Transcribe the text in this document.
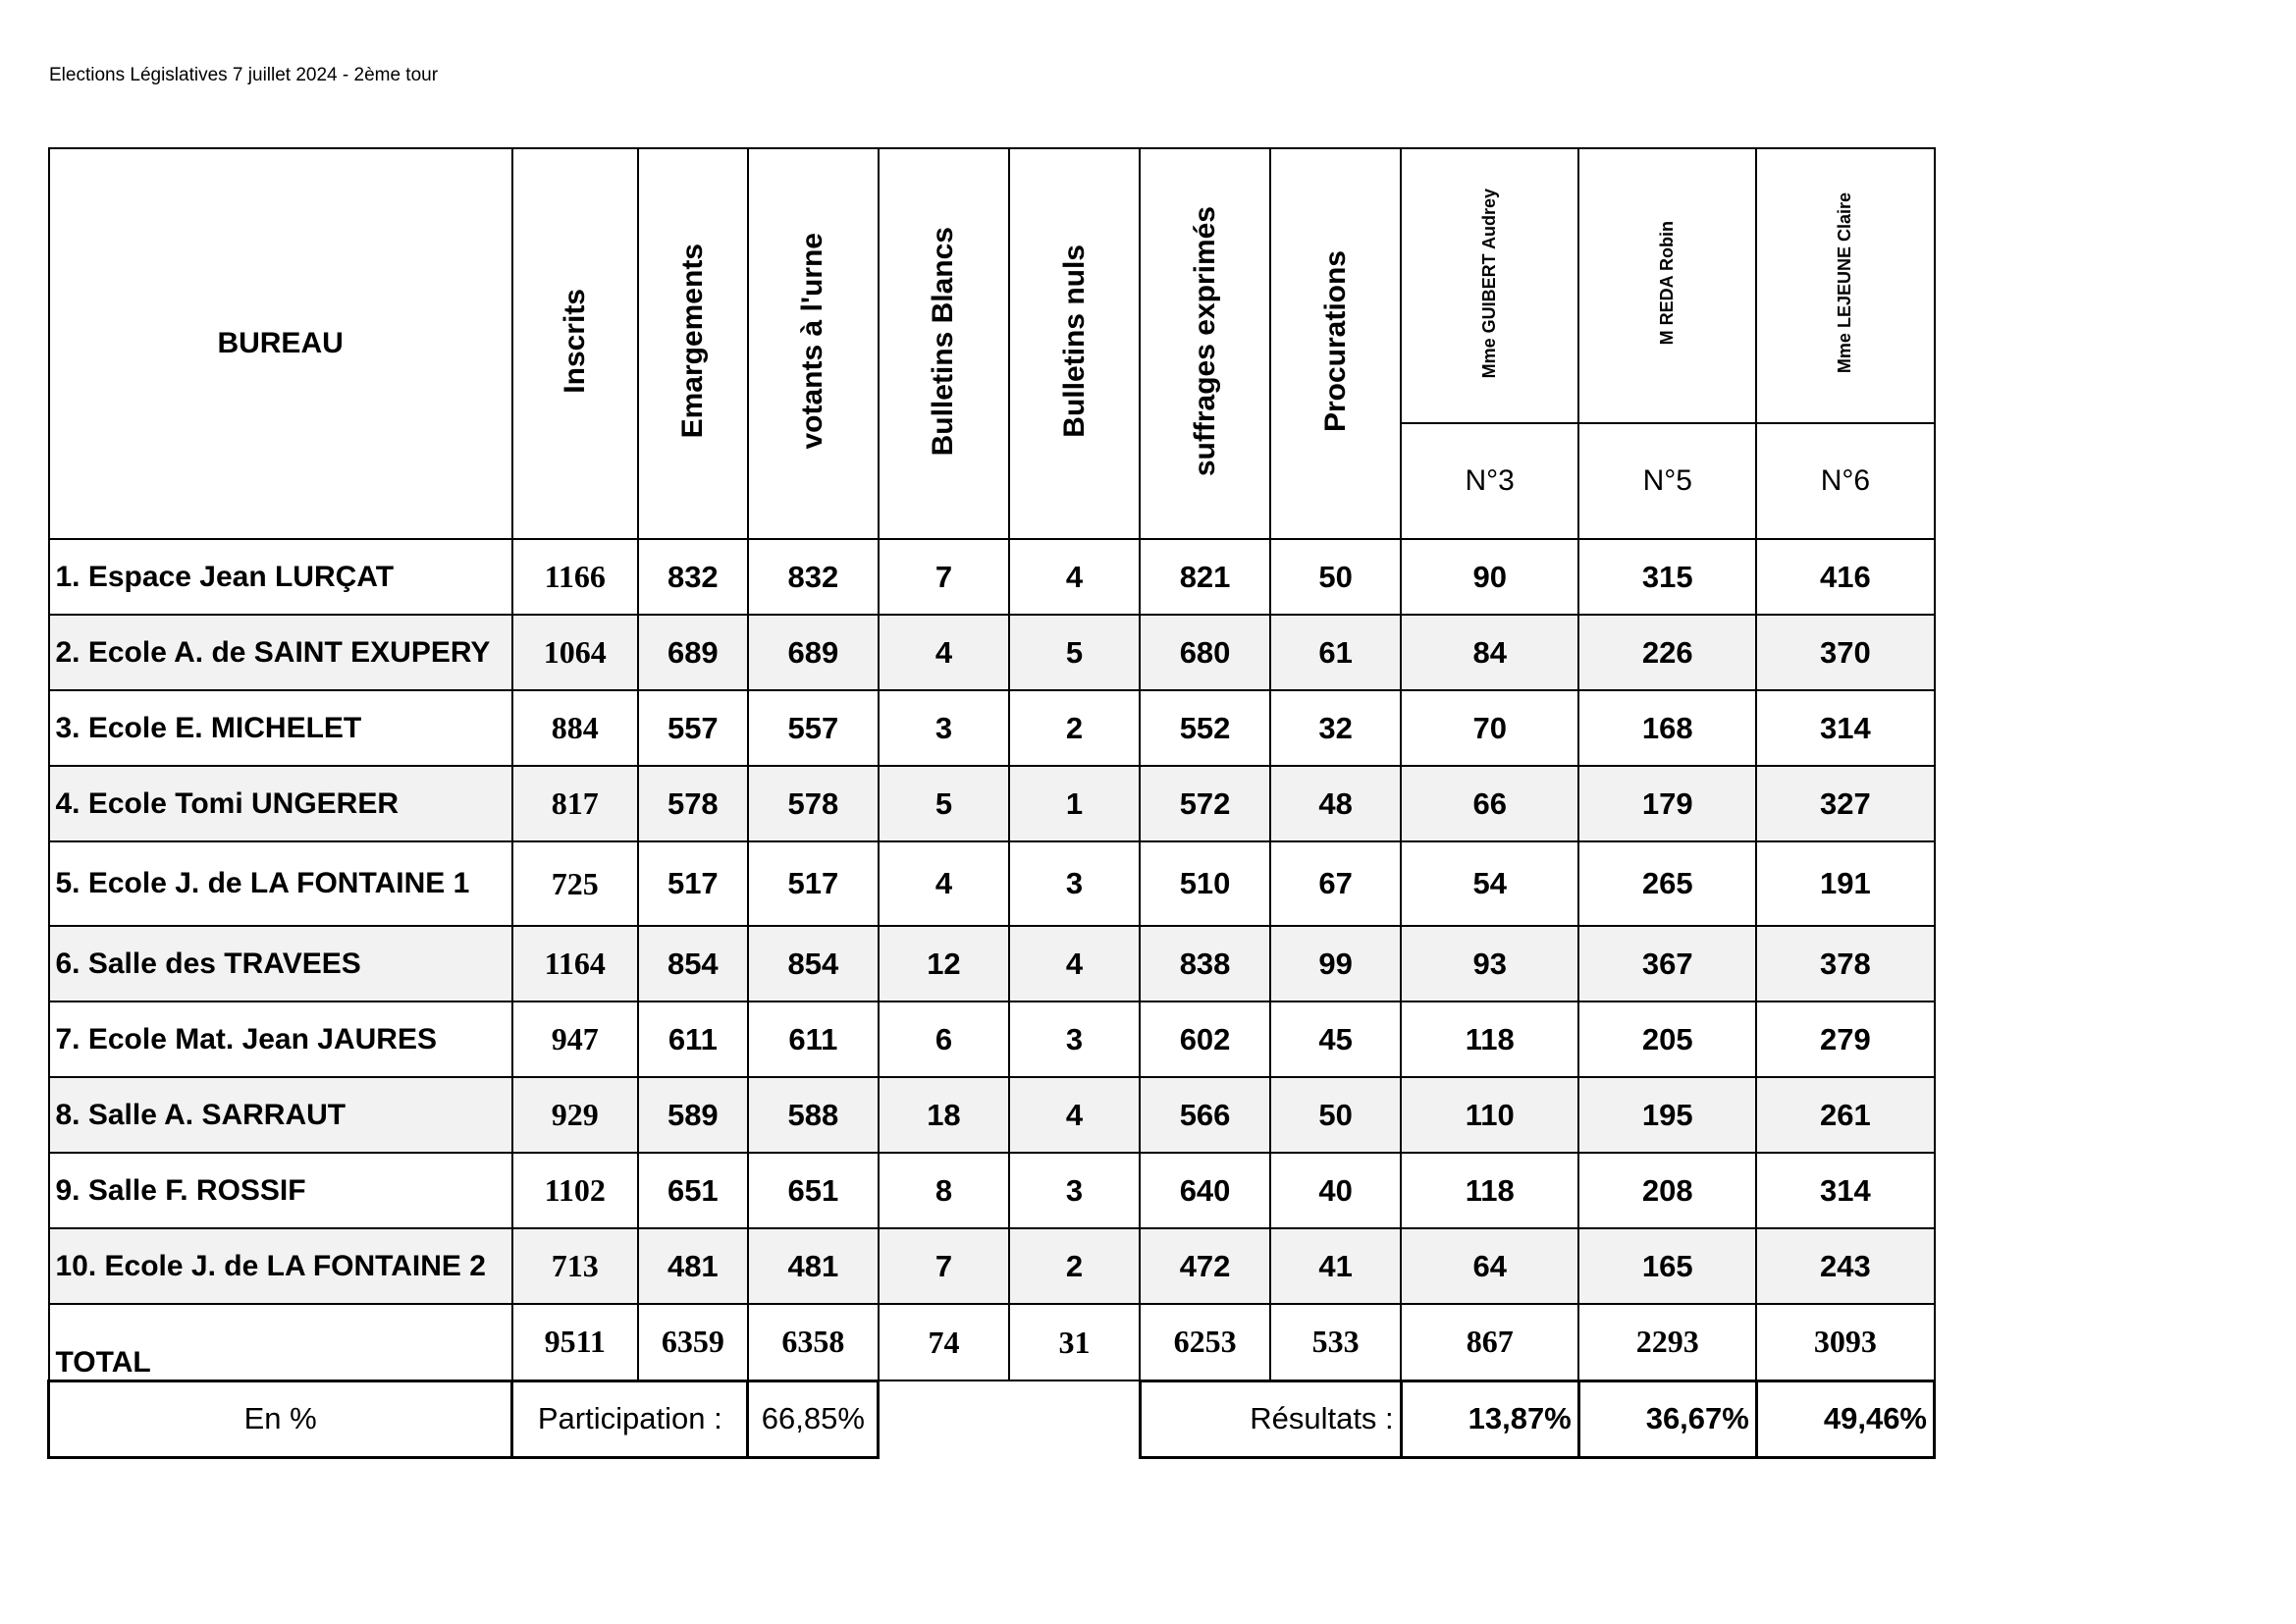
Elections Législatives 7 juillet 2024 - 2ème tour
BUREAU	Inscrits	Emargements	votants à l'urne	Bulletins Blancs	Bulletins nuls	suffrages exprimés	Procurations	Mme GUIBERT Audrey	M REDA Robin	Mme LEJEUNE Claire
								N°3	N°5	N°6
1. Espace Jean LURÇAT	1166	832	832	7	4	821	50	90	315	416
2. Ecole A. de SAINT EXUPERY	1064	689	689	4	5	680	61	84	226	370
3. Ecole E. MICHELET	884	557	557	3	2	552	32	70	168	314
4. Ecole Tomi UNGERER	817	578	578	5	1	572	48	66	179	327
5. Ecole J. de LA FONTAINE 1	725	517	517	4	3	510	67	54	265	191
6. Salle des TRAVEES	1164	854	854	12	4	838	99	93	367	378
7. Ecole Mat. Jean JAURES	947	611	611	6	3	602	45	118	205	279
8. Salle A. SARRAUT	929	589	588	18	4	566	50	110	195	261
9. Salle F. ROSSIF	1102	651	651	8	3	640	40	118	208	314
10. Ecole J. de LA FONTAINE 2	713	481	481	7	2	472	41	64	165	243
TOTAL	9511	6359	6358	74	31	6253	533	867	2293	3093
En %	Participation :		66,85%			Résultats :		13,87%	36,67%	49,46%
